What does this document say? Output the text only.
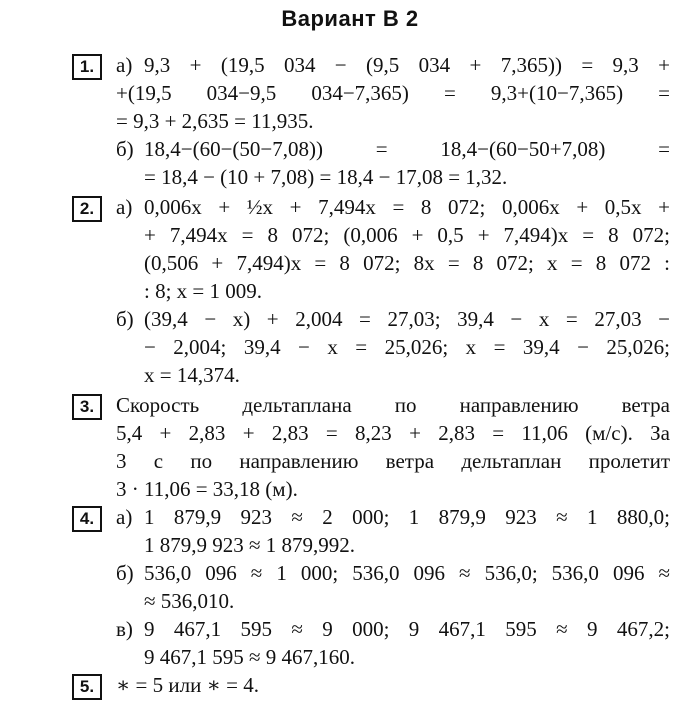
Вариант В 2
1.	а) 9,3 + (19,5 034 − (9,5 034 + 7,365)) = 9,3 +
+(19,5 034−9,5 034−7,365) = 9,3+(10−7,365) =
= 9,3 + 2,635 = 11,935.
б) 18,4−(60−(50−7,08)) = 18,4−(60−50+7,08) =
= 18,4 − (10 + 7,08) = 18,4 − 17,08 = 1,32.
2.	а) 0,006x + ½x + 7,494x = 8 072; 0,006x + 0,5x +
+ 7,494x = 8 072; (0,006 + 0,5 + 7,494)x = 8 072;
(0,506 + 7,494)x = 8 072; 8x = 8 072; x = 8 072 :
: 8; x = 1 009.
б) (39,4 − x) + 2,004 = 27,03; 39,4 − x = 27,03 −
− 2,004; 39,4 − x = 25,026; x = 39,4 − 25,026;
x = 14,374.
3.	Скорость дельтаплана по направлению ветра
5,4 + 2,83 + 2,83 = 8,23 + 2,83 = 11,06 (м/с). За
3 с по направлению ветра дельтаплан пролетит
3 · 11,06 = 33,18 (м).
4.	а) 1 879,9 923 ≈ 2 000; 1 879,9 923 ≈ 1 880,0;
1 879,9 923 ≈ 1 879,992.
б) 536,0 096 ≈ 1 000; 536,0 096 ≈ 536,0; 536,0 096 ≈
≈ 536,010.
в) 9 467,1 595 ≈ 9 000; 9 467,1 595 ≈ 9 467,2;
9 467,1 595 ≈ 9 467,160.
5.	∗ = 5 или ∗ = 4.
